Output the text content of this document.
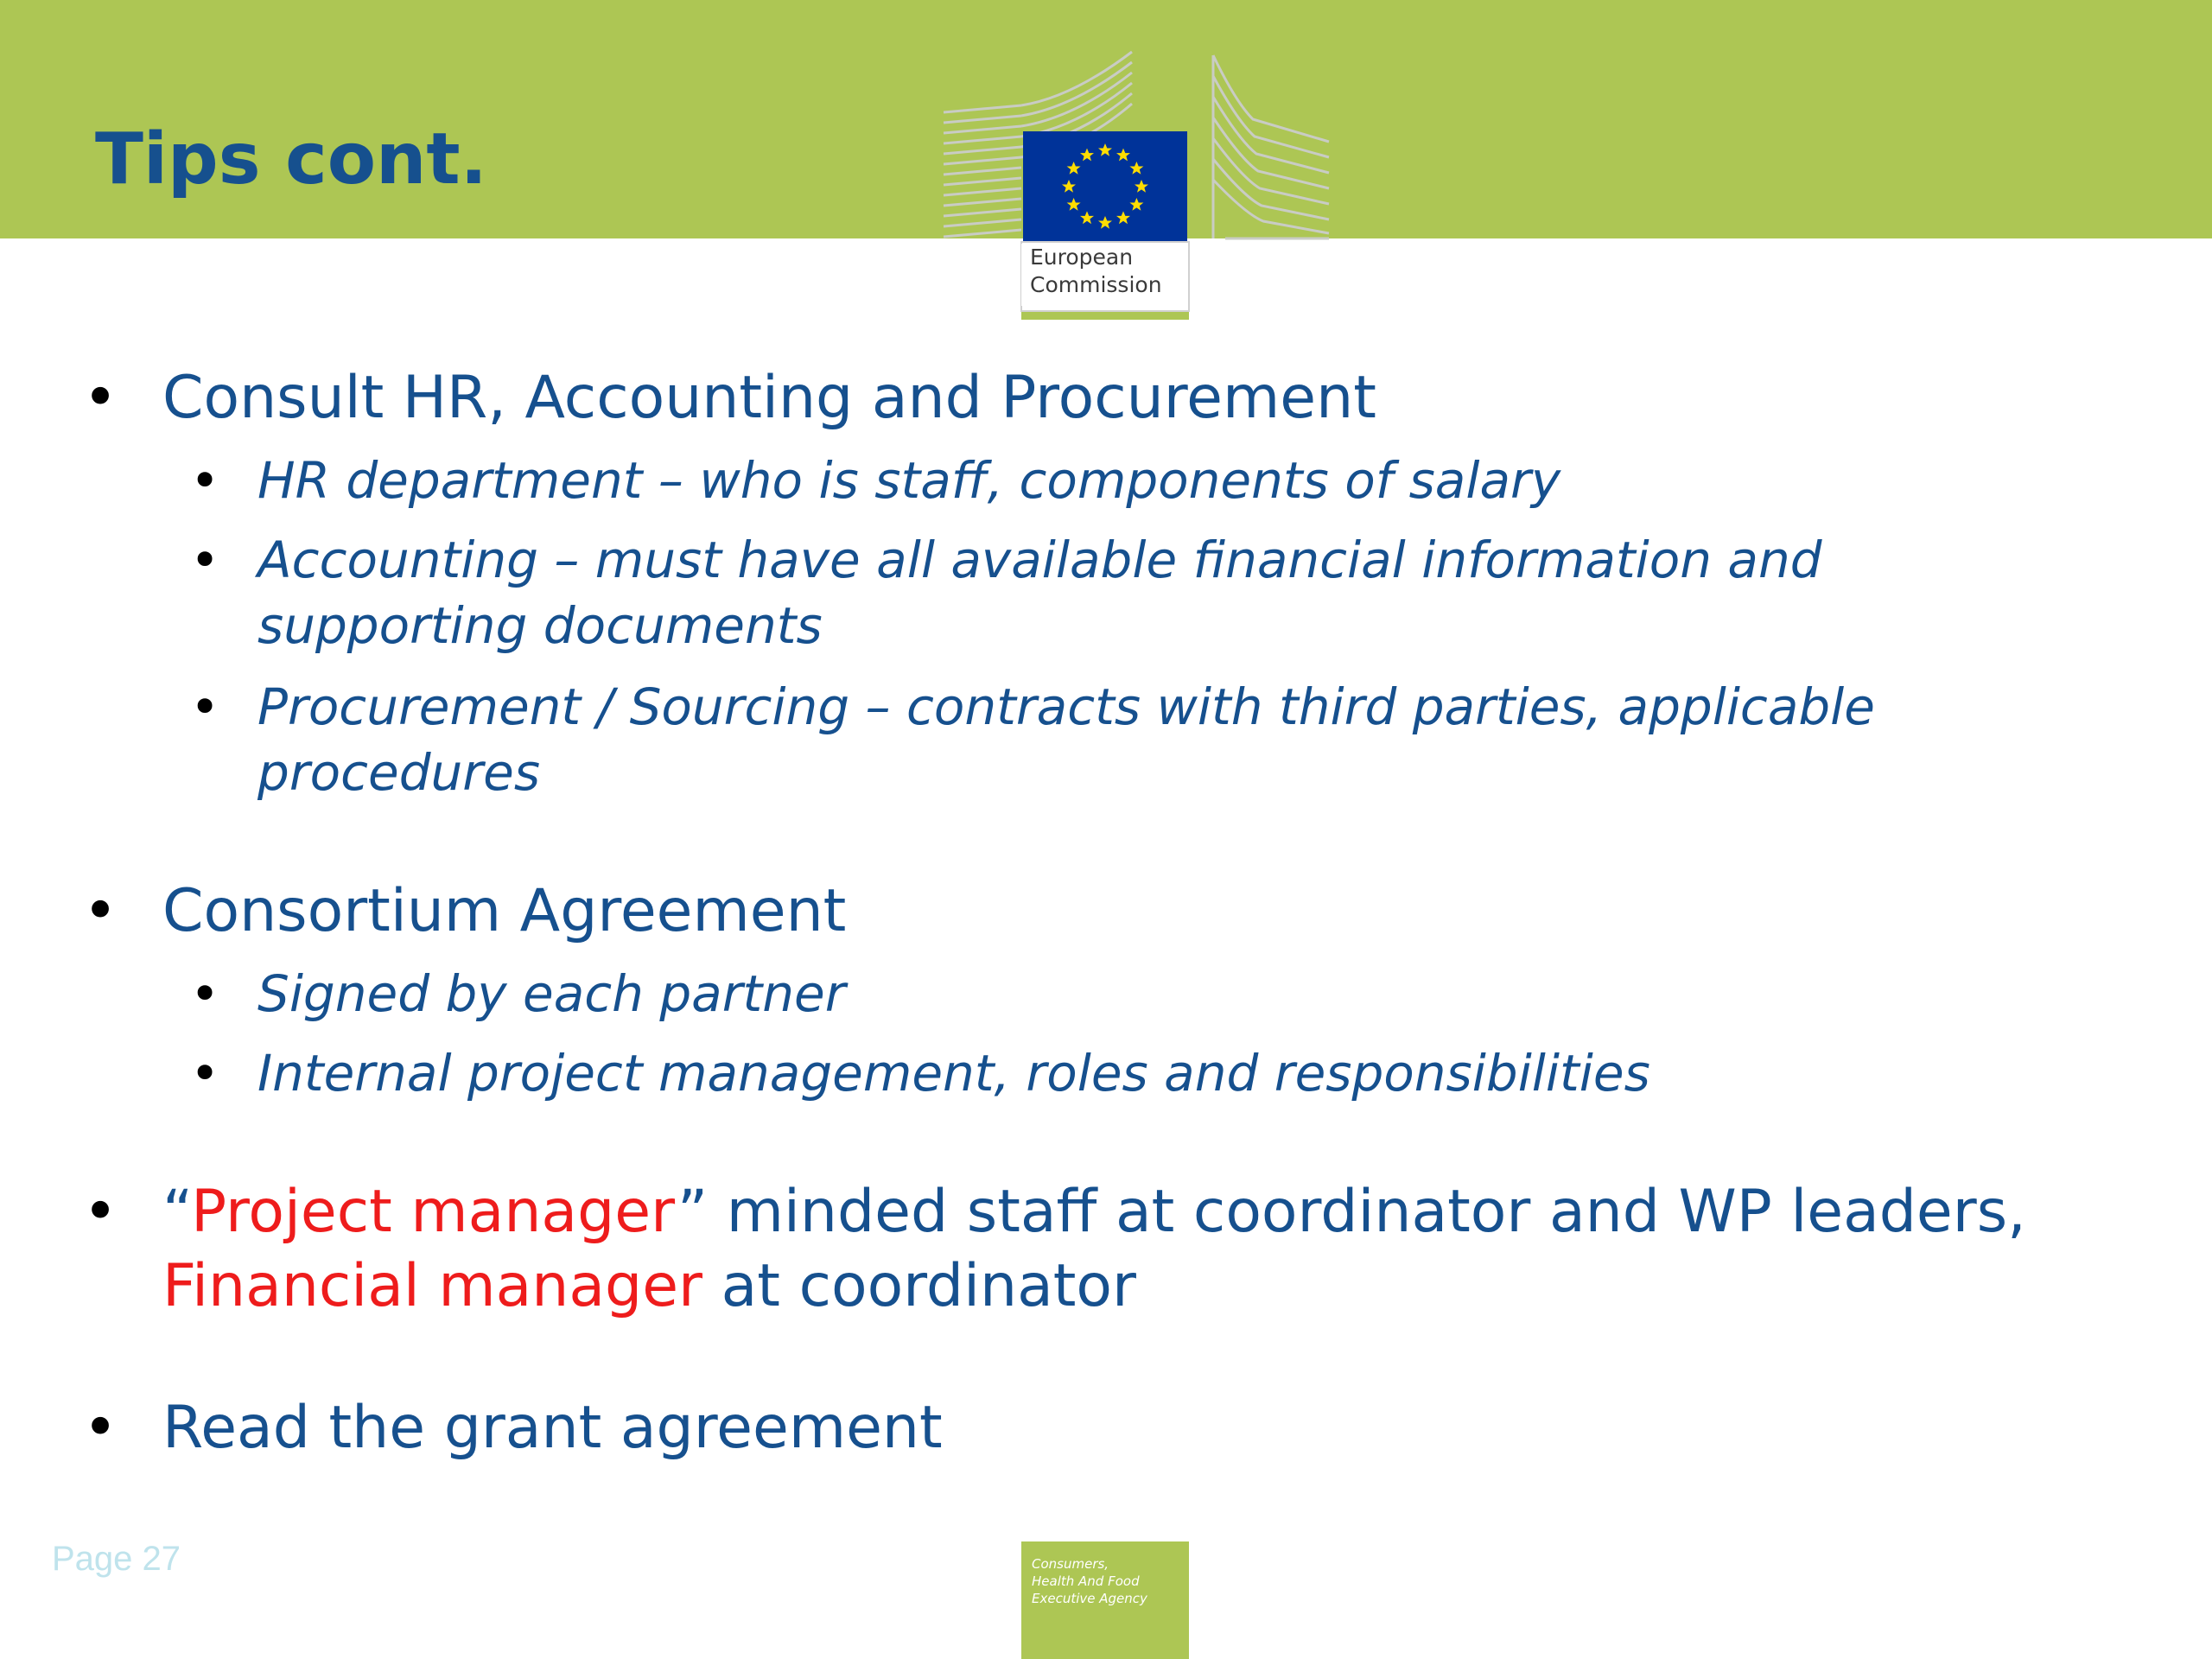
Tips cont.
European
Commission
• Consult HR, Accounting and Procurement
• HR department – who is staff, components of salary
• Accounting – must have all available financial information and
supporting documents
• Procurement / Sourcing – contracts with third parties, applicable
procedures
• Consortium Agreement
• Signed by each partner
• Internal project management, roles and responsibilities
• “Project manager” minded staff at coordinator and WP leaders,
Financial manager at coordinator
• Read the grant agreement
Page 27	Consumers,
Health And Food
Executive Agency
